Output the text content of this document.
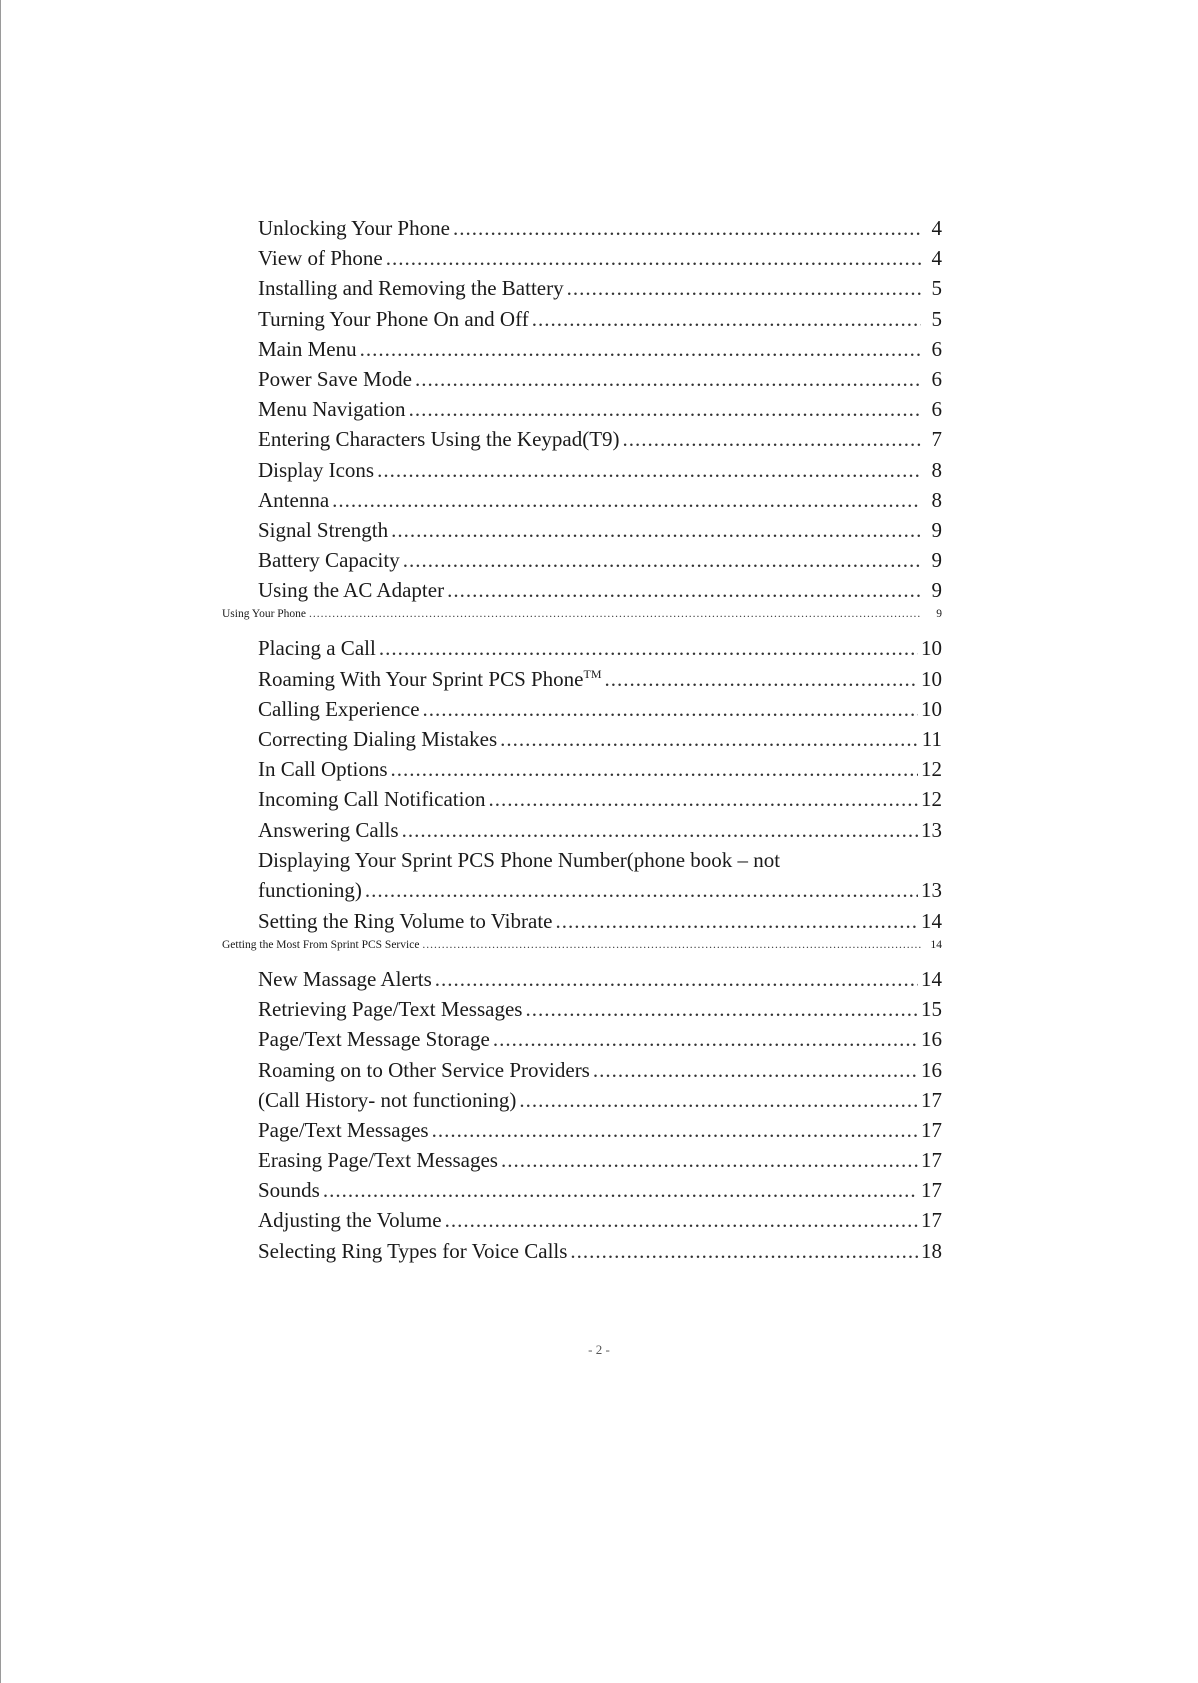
Unlocking Your Phone .....	4
View of Phone .....	4
Installing and Removing the Battery .....	5
Turning Your Phone On and Off .....	5
Main Menu .....	6
Power Save Mode .....	6
Menu Navigation .....	6
Entering Characters Using the Keypad(T9) .....	7
Display Icons .....	8
Antenna .....	8
Signal Strength .....	9
Battery Capacity .....	9
Using the AC Adapter .....	9
Using Your Phone .....	9
Placing a Call .....	10
Roaming With Your Sprint PCS Phone™ .....	10
Calling Experience .....	10
Correcting Dialing Mistakes .....	11
In Call Options .....	12
Incoming Call Notification .....	12
Answering Calls .....	13
Displaying Your Sprint PCS Phone Number(phone book – not
functioning) .....	13
Setting the Ring Volume to Vibrate .....	14
Getting the Most From Sprint PCS Service .....	14
New Massage Alerts .....	14
Retrieving Page/Text Messages .....	15
Page/Text Message Storage .....	16
Roaming on to Other Service Providers .....	16
(Call History- not functioning) .....	17
Page/Text Messages .....	17
Erasing Page/Text Messages .....	17
Sounds .....	17
Adjusting the Volume .....	17
Selecting Ring Types for Voice Calls .....	18
- 2 -
